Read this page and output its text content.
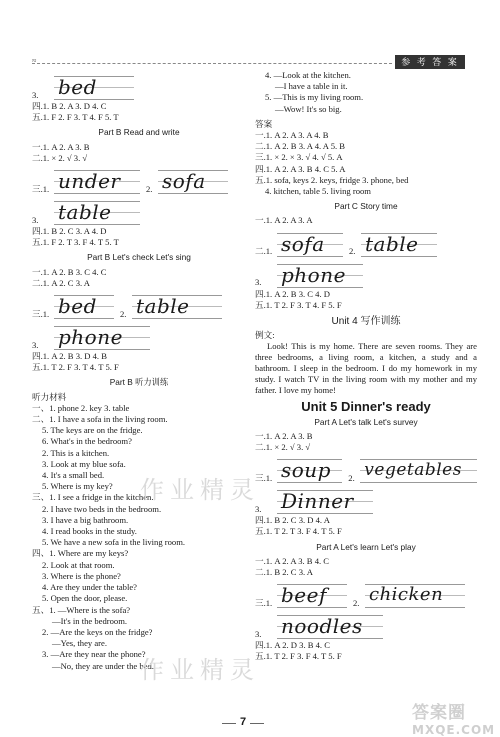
≈	参 考 答 案
3. bed
四.1. B 2. A 3. D 4. C
五.1. F 2. F 3. T 4. F 5. T
Part B Read and write
一.1. A 2. A 3. B
二.1. × 2. √ 3. √
三.1. under	2. sofa
3. table
四.1. B 2. C 3. A 4. D
五.1. F 2. T 3. F 4. T 5. T
Part B Let's check Let's sing
一.1. A 2. B 3. C 4. C
二.1. A 2. C 3. A
三.1. bed	2. table
3. phone
四.1. A 2. B 3. D 4. B
五.1. T 2. F 3. T 4. T 5. F
Part B 听力训练
听力材料
一、1. phone 2. key 3. table
二、1. I have a sofa in the living room.
5. The keys are on the fridge.
6. What's in the bedroom?
2. This is a kitchen.
3. Look at my blue sofa.
4. It's a small bed.
5. Where is my key?
三、1. I see a fridge in the kitchen.
2. I have two beds in the bedroom.
3. I have a big bathroom.
4. I read books in the study.
5. We have a new sofa in the living room.
四、1. Where are my keys?
2. Look at that room.
3. Where is the phone?
4. Are they under the table?
5. Open the door, please.
五、1. —Where is the sofa?
—It's in the bedroom.
2. —Are the keys on the fridge?
—Yes, they are.
3. —Are they near the phone?
—No, they are under the bed.
4. —Look at the kitchen.
—I have a table in it.
5. —This is my living room.
—Wow! It's so big.
答案
一.1. A 2. A 3. A 4. B
二.1. A 2. B 3. A 4. A 5. B
三.1. × 2. × 3. √ 4. √ 5. A
四.1. A 2. A 3. B 4. C 5. A
五.1. sofa, keys 2. keys, fridge 3. phone, bed
4. kitchen, table 5. living room
Part C Story time
一.1. A 2. A 3. A
二.1. sofa	2. table
3. phone
四.1. A 2. B 3. C 4. D
五.1. T 2. F 3. T 4. F 5. F
Unit 4 写作训练
例文:
Look! This is my home. There are seven rooms. They are three bedrooms, a living room, a kitchen, a study and a bathroom. I sleep in the bedroom. I do my homework in my study. I watch TV in the living room with my mother and my father. I love my home!
Unit 5 Dinner's ready
Part A Let's talk Let's survey
一.1. A 2. A 3. B
二.1. × 2. √ 3. √
三.1. soup	2. vegetables
3. Dinner
四.1. B 2. C 3. D 4. A
五.1. T 2. T 3. F 4. T 5. F
Part A Let's learn Let's play
一.1. A 2. A 3. B 4. C
二.1. B 2. C 3. A
三.1. beef	2. chicken
3. noodles
四.1. A 2. D 3. B 4. C
五.1. T 2. F 3. F 4. T 5. F
作业精灵
作业精灵
7	答案圈
MXQE.COM
